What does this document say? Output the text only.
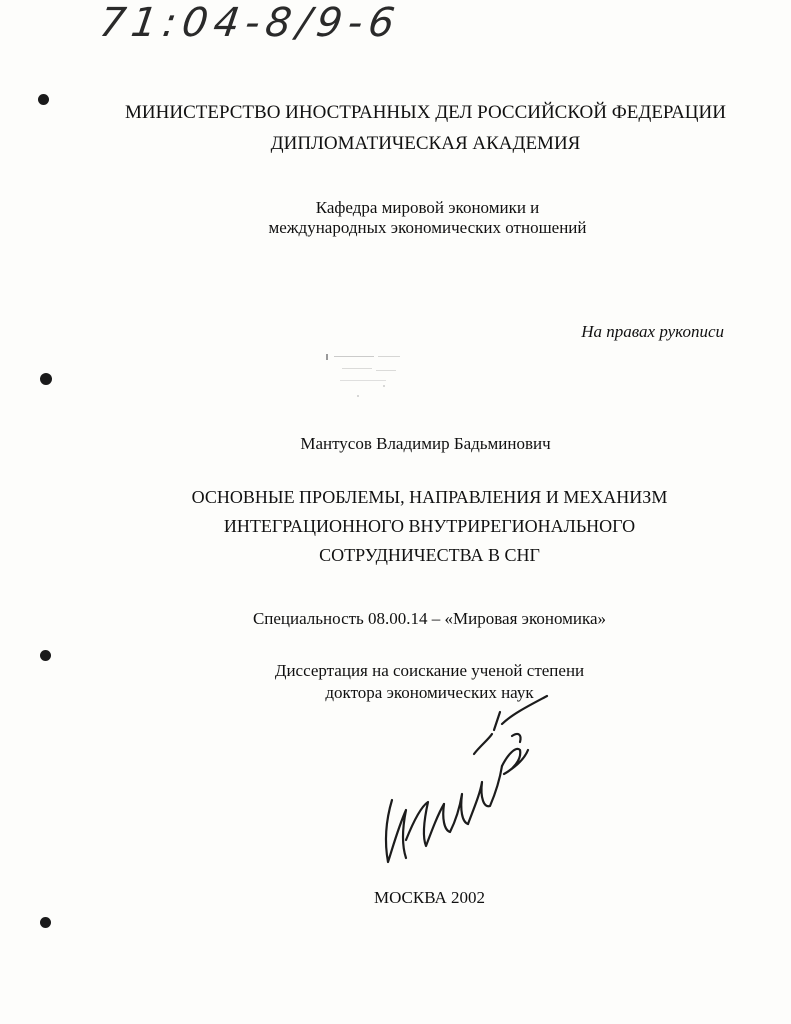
71:04-8/9-6
МИНИСТЕРСТВО ИНОСТРАННЫХ ДЕЛ РОССИЙСКОЙ ФЕДЕРАЦИИ
ДИПЛОМАТИЧЕСКАЯ АКАДЕМИЯ
Кафедра мировой экономики и
международных экономических отношений
На правах рукописи
Мантусов Владимир Бадьминович
ОСНОВНЫЕ ПРОБЛЕМЫ, НАПРАВЛЕНИЯ И МЕХАНИЗМ
ИНТЕГРАЦИОННОГО ВНУТРИРЕГИОНАЛЬНОГО
СОТРУДНИЧЕСТВА В СНГ
Специальность 08.00.14 – «Мировая экономика»
Диссертация на соискание ученой степени
доктора экономических наук
МОСКВА 2002
